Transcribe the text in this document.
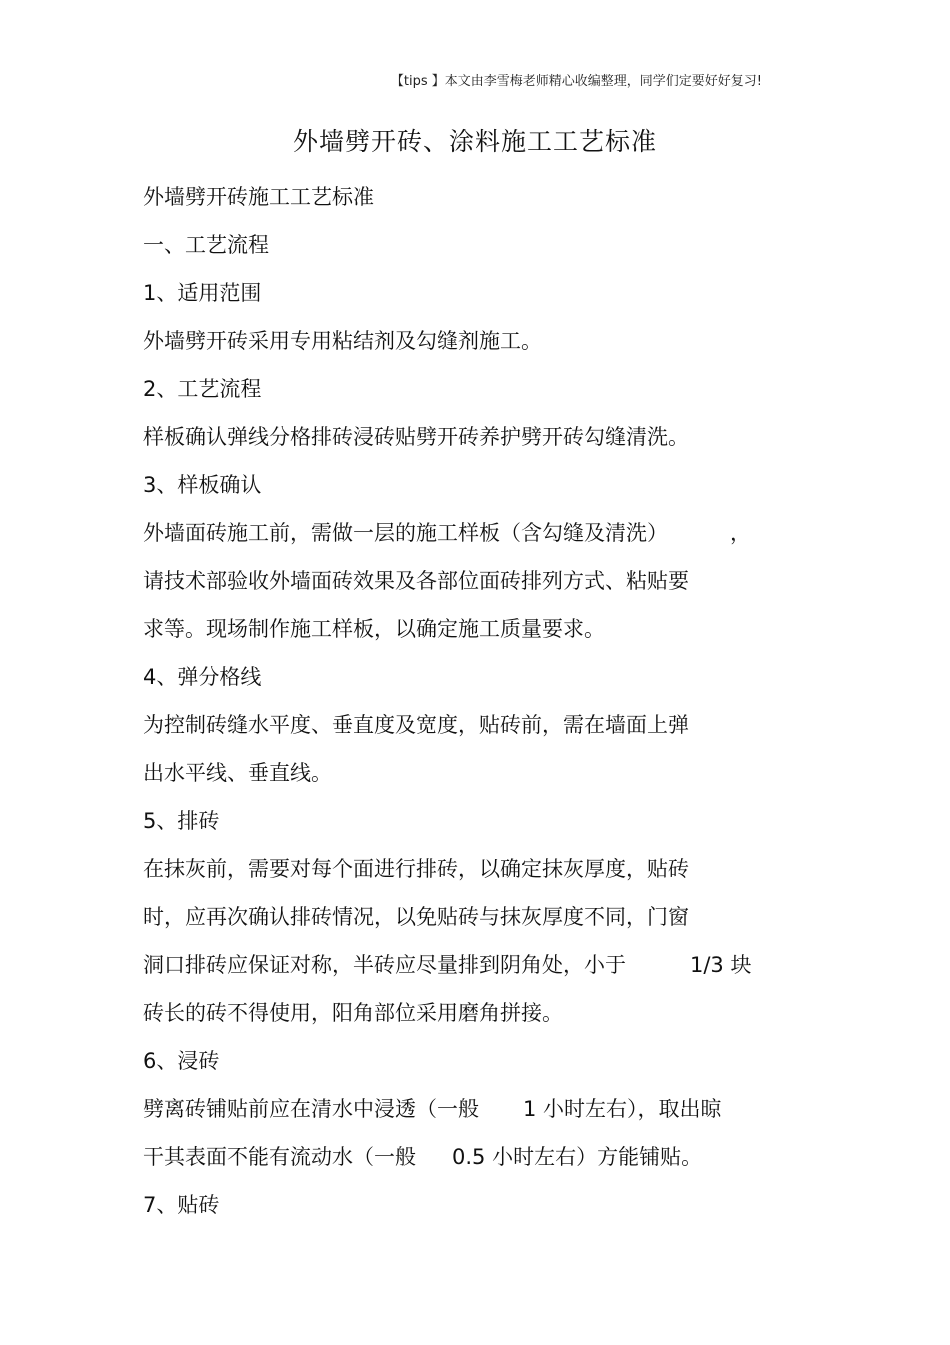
【tips 】本文由李雪梅老师精心收编整理，同学们定要好好复习!
外墙劈开砖、涂料施工工艺标准
外墙劈开砖施工工艺标准
一、工艺流程
1、适用范围
外墙劈开砖采用专用粘结剂及勾缝剂施工。
2、工艺流程
样板确认弹线分格排砖浸砖贴劈开砖养护劈开砖勾缝清洗。
3、样板确认
外墙面砖施工前，需做一层的施工样板（含勾缝及清洗）	，
请技术部验收外墙面砖效果及各部位面砖排列方式、粘贴要
求等。现场制作施工样板，以确定施工质量要求。
4、弹分格线
为控制砖缝水平度、垂直度及宽度，贴砖前，需在墙面上弹
出水平线、垂直线。
5、排砖
在抹灰前，需要对每个面进行排砖，以确定抹灰厚度，贴砖
时，应再次确认排砖情况，以免贴砖与抹灰厚度不同，门窗
洞口排砖应保证对称，半砖应尽量排到阴角处，小于	1/3 块
砖长的砖不得使用，阳角部位采用磨角拼接。
6、浸砖
劈离砖铺贴前应在清水中浸透（一般 1 小时左右），取出晾
干其表面不能有流动水（一般 0.5 小时左右）方能铺贴。
7、贴砖
